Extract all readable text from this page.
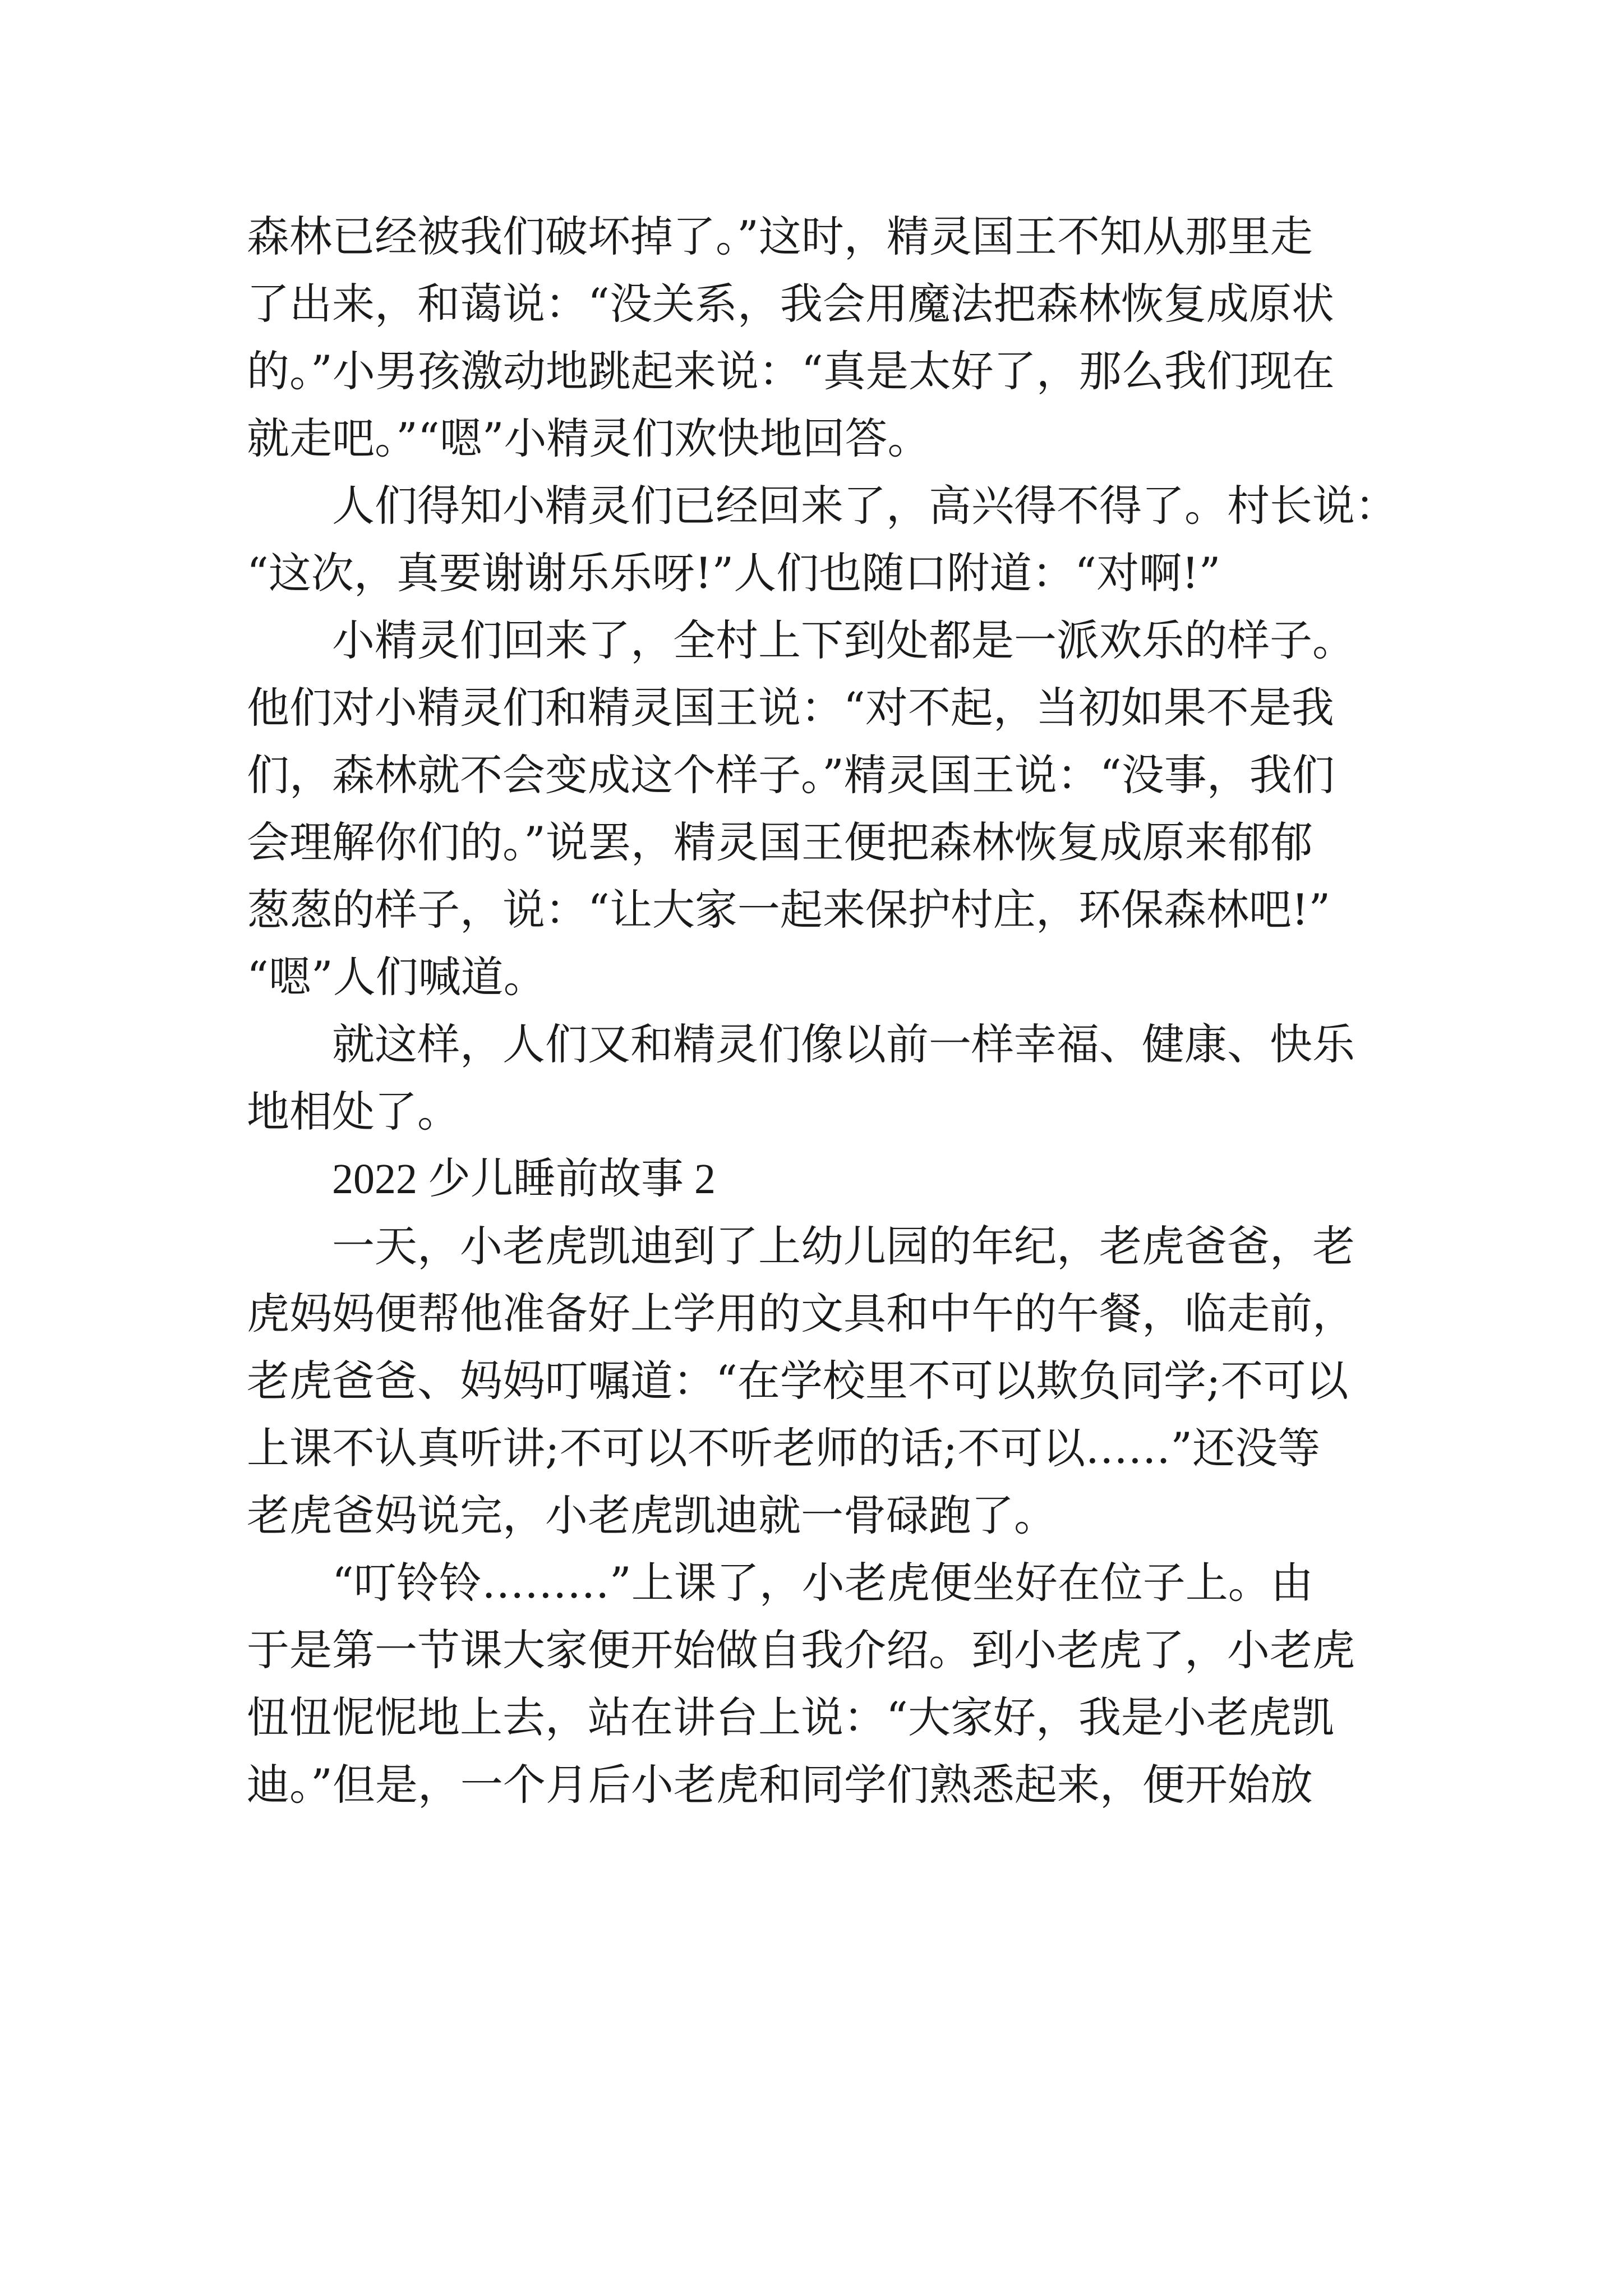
森林已经被我们破坏掉了。”这时，精灵国王不知从那里走
了出来，和蔼说：“没关系，我会用魔法把森林恢复成原状
的。”小男孩激动地跳起来说：“真是太好了，那么我们现在
就走吧。”“嗯”小精灵们欢快地回答。
人们得知小精灵们已经回来了，高兴得不得了。村长说：
“这次，真要谢谢乐乐呀!”人们也随口附道：“对啊!”
小精灵们回来了，全村上下到处都是一派欢乐的样子。
他们对小精灵们和精灵国王说：“对不起，当初如果不是我
们，森林就不会变成这个样子。”精灵国王说：“没事，我们
会理解你们的。”说罢，精灵国王便把森林恢复成原来郁郁
葱葱的样子，说：“让大家一起来保护村庄，环保森林吧!”
“嗯”人们喊道。
就这样，人们又和精灵们像以前一样幸福、健康、快乐
地相处了。
2022 少儿睡前故事 2
一天，小老虎凯迪到了上幼儿园的年纪，老虎爸爸，老
虎妈妈便帮他准备好上学用的文具和中午的午餐，临走前，
老虎爸爸、妈妈叮嘱道：“在学校里不可以欺负同学;不可以
上课不认真听讲;不可以不听老师的话;不可以……”还没等
老虎爸妈说完，小老虎凯迪就一骨碌跑了。
“叮铃铃………”上课了，小老虎便坐好在位子上。由
于是第一节课大家便开始做自我介绍。到小老虎了，小老虎
忸忸怩怩地上去，站在讲台上说：“大家好，我是小老虎凯
迪。”但是，一个月后小老虎和同学们熟悉起来，便开始放
